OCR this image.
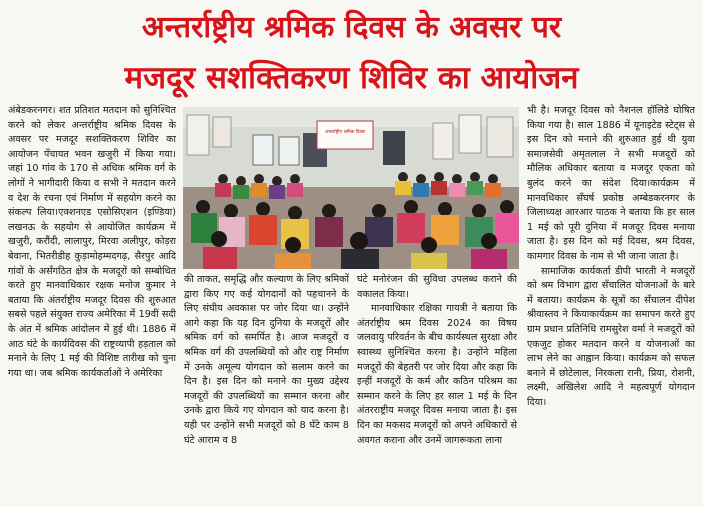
अन्तर्राष्ट्रीय श्रमिक दिवस के अवसर पर
मजदूर सशक्तिकरण शिविर का आयोजन

अंबेडकरनगर। शत प्रतिशत मतदान को सुनिश्चित करने को लेकर अन्तर्राष्ट्रीय श्रमिक दिवस के अवसर पर मजदूर सशक्तिकरण शिविर का आयोजन पँचायत भवन खजुरी में किया गया। जहां 10 गांव के 170 से अधिक श्रमिक वर्ग के लोगों ने भागीदारी किया व सभी ने मतदान करने व देश के रचना एवं निर्माण में सहयोग करने का संकल्प लिया।एक्शनएड एसोसिएशन (इण्डिया) लखनऊ के सहयोग से आयोजित कार्यक्रम में खजुरी, करौंदी, लालापुर, मिरवा अलीपुर, कोड़रा बेवाना, भितरीडीह कुड़ामोहम्मदगढ़, सैरपुर आदि गांवों के असँगठित क्षेत्र के मजदूरों को सम्बोधित करते हुए मानवाधिकार रक्षक मनोज कुमार ने बताया कि अंतर्राष्ट्रीय मजदूर दिवस की शुरुआत सबसे पहले संयुक्त राज्य अमेरिका में 19वीं सदी के अंत में श्रमिक आंदोलन में हुई थी। 1886 में आठ घंटे के कार्यदिवस की राष्ट्रव्यापी हड़ताल को मनाने के लिए 1 मई की विशिष्ट तारीख को चुना गया था। जब श्रमिक कार्यकर्ताओं ने अमेरिका

अन्तर्राष्ट्रीय श्रमिक दिवस

की ताकत, समृद्धि और कल्याण के लिए श्रमिकों द्वारा किए गए कई योगदानों को पहचानने के लिए संघीय अवकाश पर जोर दिया था। उन्होंने आगे कहा कि यह दिन दुनिया के मजदूरों और श्रमिक वर्ग को समर्पित है। आज मजदूरों व श्रमिक वर्ग की उपलब्धियों को और राष्ट्र निर्माण में उनके अमूल्य योगदान को सलाम करने का दिन है। इस दिन को मनाने का मुख्य उद्देश्य मजदूरों की उपलब्धियों का सम्मान करना और उनके द्वारा किये गए योगदान को याद करना है। यही पर उन्होंने सभी मजदूरों को 8 घँटे काम 8 घंटे आराम व 8

घंटे मनोरंजन की सुविधा उपलब्ध कराने की वकालत किया।

मानवाधिकार रक्षिका गायत्री ने बताया कि अंतर्राष्ट्रीय श्रम दिवस 2024 का विषय जलवायु परिवर्तन के बीच कार्यस्थल सुरक्षा और स्वास्थ्य सुनिश्चित करना है। उन्होंने महिला मजदूरों की बेहतरी पर जोर दिया और कहा कि इन्हीं मजदूरों के कर्म और कठिन परिश्रम का सम्मान करने के लिए हर साल 1 मई के दिन अंतरराष्ट्रीय मजदूर दिवस मनाया जाता है। इस दिन का मकसद मजदूरों को अपने अधिकारों से अवगत कराना और उनमें जागरूकता लाना

भी है। मजदूर दिवस को नैशनल हॉलिडे घोषित किया गया है। साल 1886 में यूनाइटेड स्टेट्स से इस दिन को मनाने की शुरुआत हुई थी युवा समाजसेवी अमृतलाल ने सभी मजदूरों को मौलिक अधिकार बताया व मजदूर एकता को बुलंद करने का संदेश दिया।कार्यक्रम में मानवधिकार सँघर्ष प्रकोष्ठ अम्बेडकरनगर के जिलाध्यक्ष आरआर पाठक ने बताया कि हर साल 1 मई को पूरी दुनिया में मजदूर दिवस मनाया जाता है। इस दिन को मई दिवस, श्रम दिवस, कामगार दिवस के नाम से भी जाना जाता है।

सामाजिक कार्यकर्ता डीपी भारती ने मजदूरों को श्रम विभाग द्वारा सँचालित योजनाओं के बारे में बताया। कार्यक्रम के सूत्रों का सँचालन दीपेश श्रीवास्तव ने कियाकार्यक्रम का समापन करते हुए ग्राम प्रधान प्रतिनिधि रामसुरेश वर्मा ने मजदूरों को एकजुट होकर मतदान करने व योजनाओं का लाभ लेने का आह्वान किया। कार्यक्रम को सफल बनाने में छोटेलाल, निरकला रानी, प्रिया, रोशनी, लक्ष्मी, अखिलेश आदि ने महत्वपूर्ण योगदान दिया।
